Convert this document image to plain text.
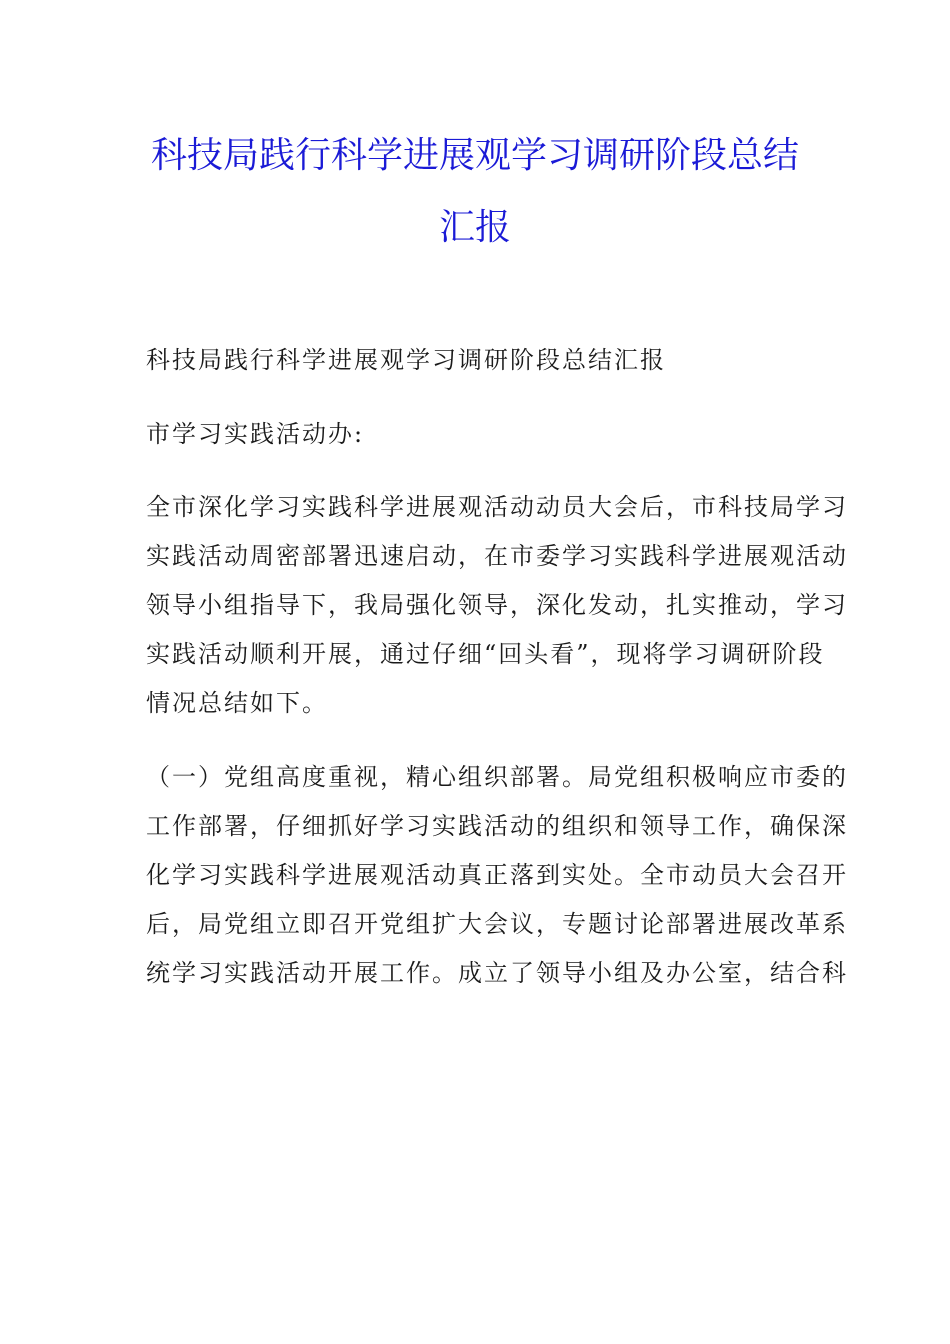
科技局践行科学进展观学习调研阶段总结
汇报

科技局践行科学进展观学习调研阶段总结汇报

市学习实践活动办:

全市深化学习实践科学进展观活动动员大会后，市科技局学习
实践活动周密部署迅速启动，在市委学习实践科学进展观活动
领导小组指导下，我局强化领导，深化发动，扎实推动，学习
实践活动顺利开展，通过仔细“回头看”，现将学习调研阶段
情况总结如下。

（一）党组高度重视，精心组织部署。局党组积极响应市委的
工作部署，仔细抓好学习实践活动的组织和领导工作，确保深
化学习实践科学进展观活动真正落到实处。全市动员大会召开
后，局党组立即召开党组扩大会议，专题讨论部署进展改革系
统学习实践活动开展工作。成立了领导小组及办公室，结合科
